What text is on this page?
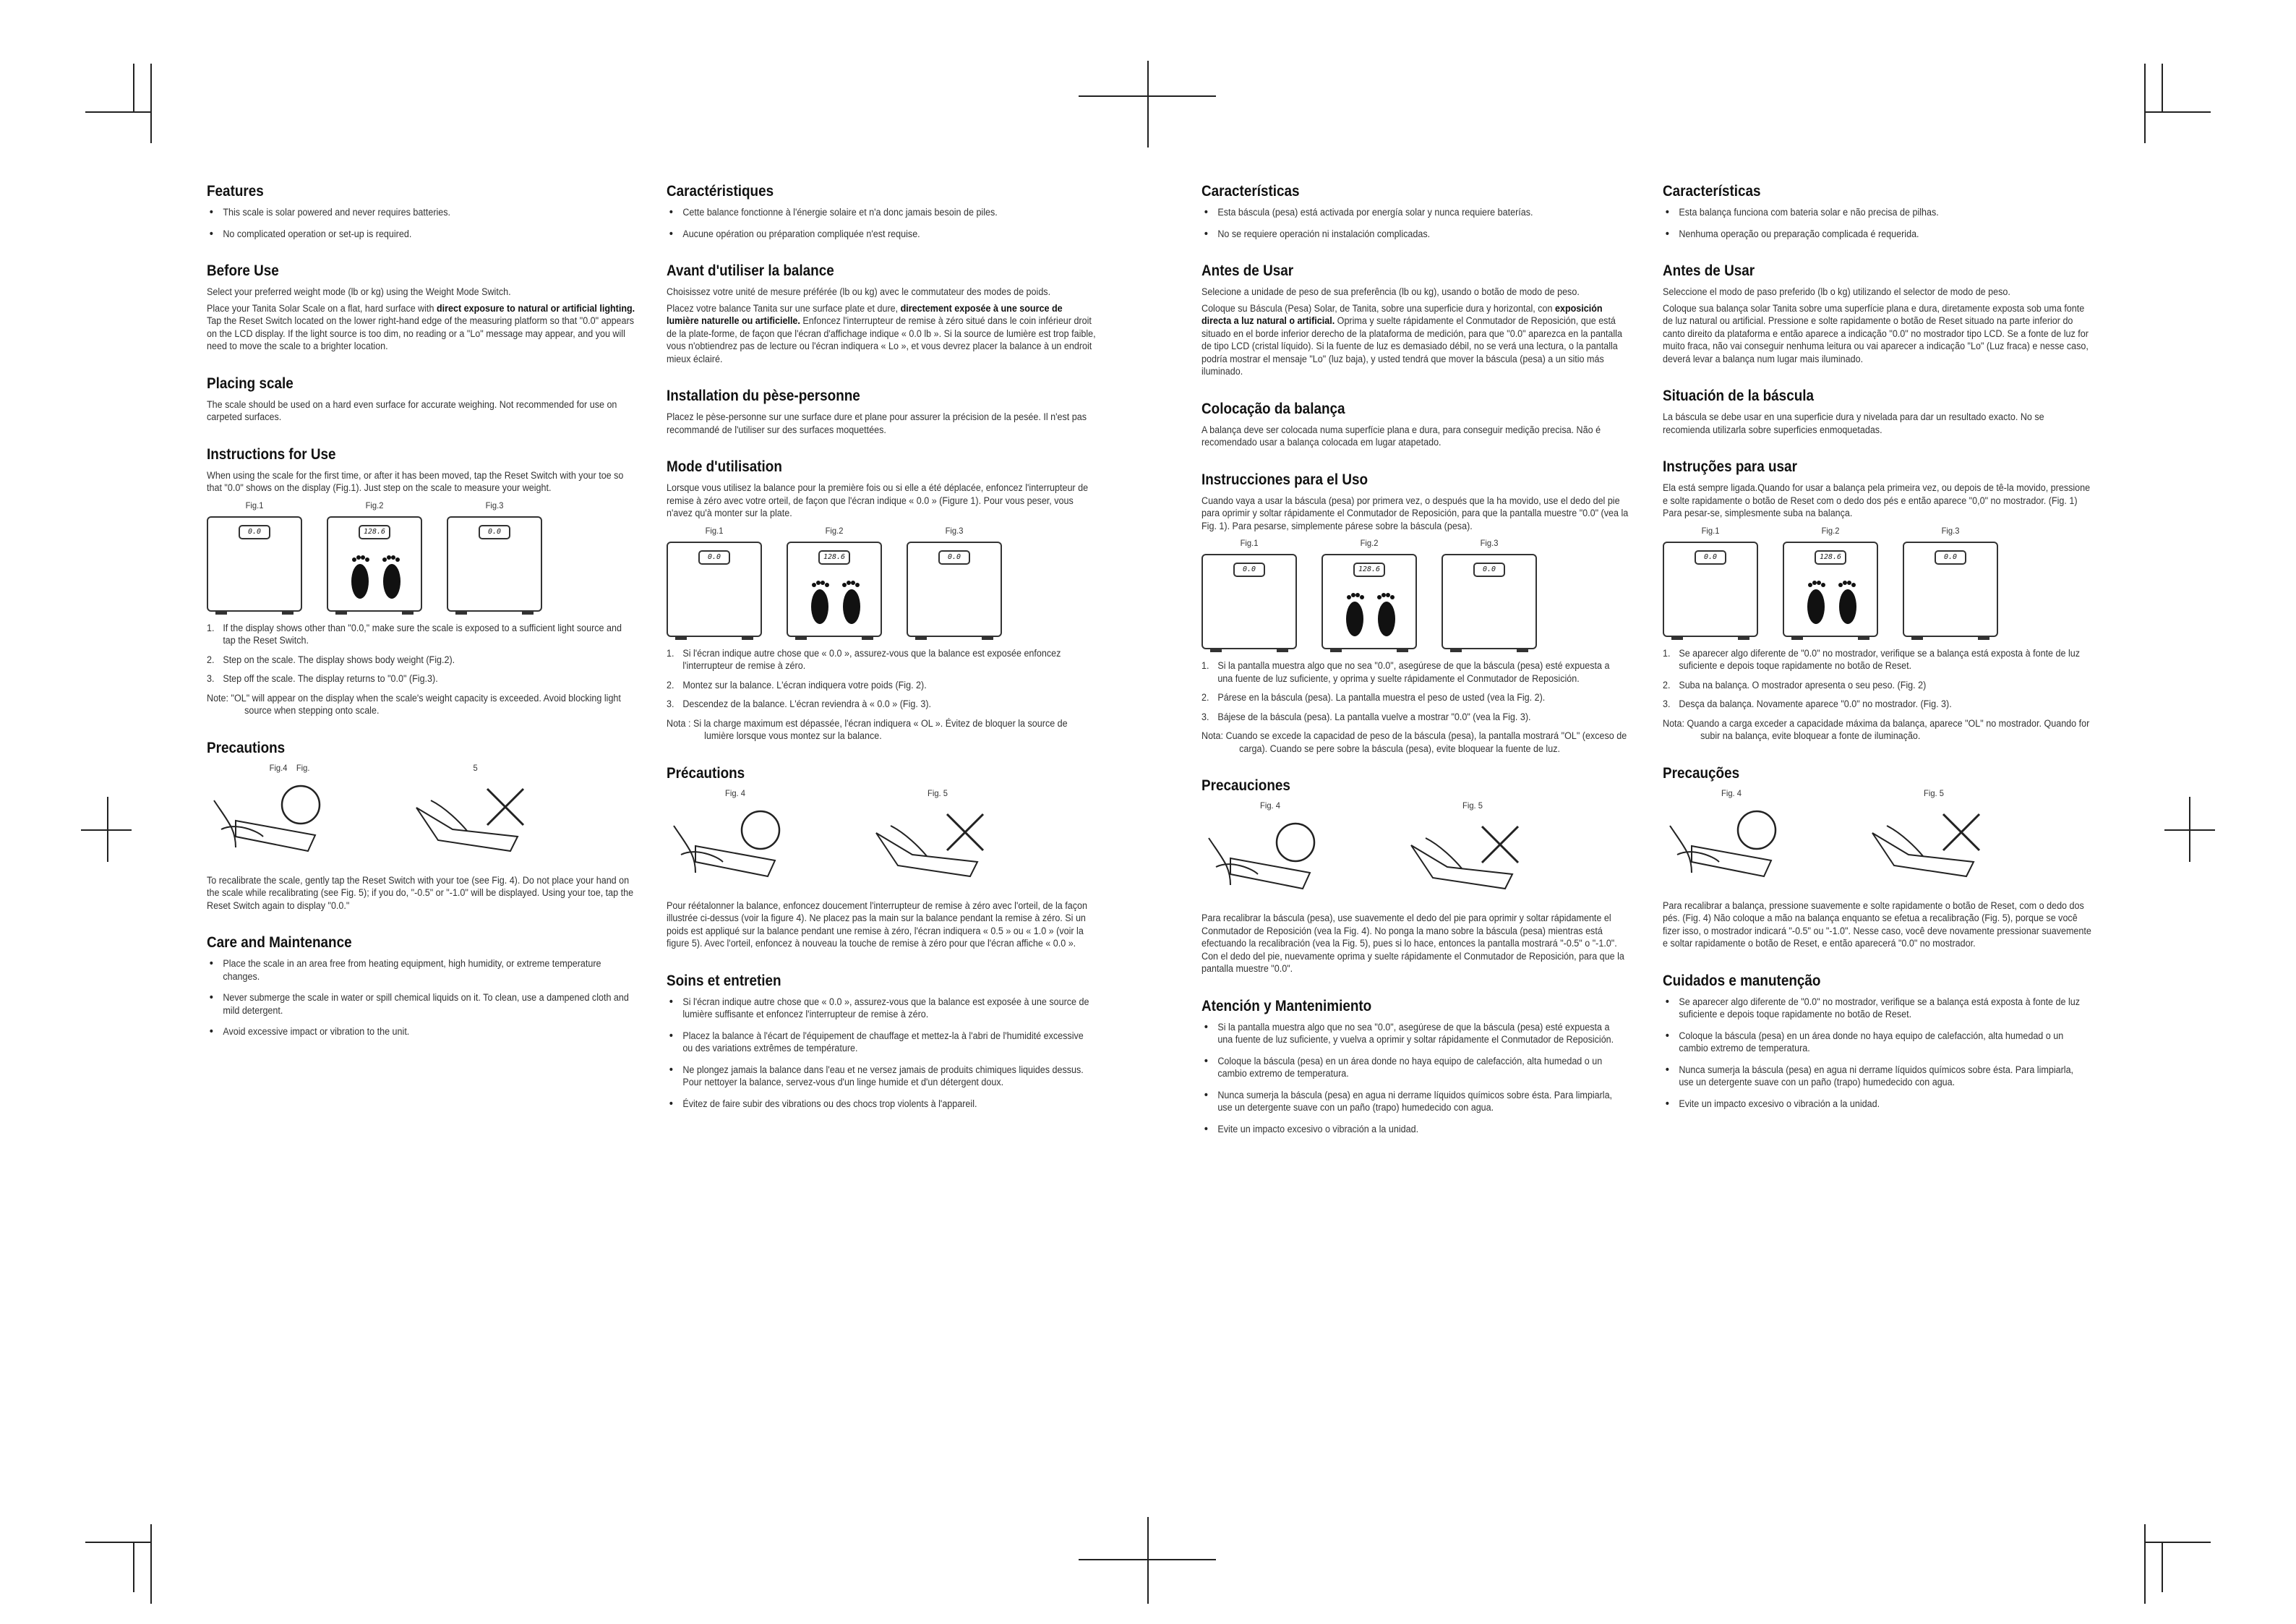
Features
• This scale is solar powered and never requires batteries.
• No complicated operation or set-up is required.
Before Use

Select your preferred weight mode (lb or kg) using the Weight Mode Switch.

Place your Tanita Solar Scale on a flat, hard surface with direct exposure to natural or artificial lighting. Tap the Reset Switch located on the lower right-hand edge of the measuring platform so that "0.0" appears on the LCD display. If the light source is too dim, no reading or a "Lo" message may appear, and you will need to move the scale to a brighter location.

Placing scale

The scale should be used on a hard even surface for accurate weighing. Not recommended for use on carpeted surfaces.

Instructions for Use

When using the scale for the first time, or after it has been moved, tap the Reset Switch with your toe so that "0.0" shows on the display (Fig.1). Just step on the scale to measure your weight.

Fig.1
0.0
Fig.2
128.6
Fig.3
0.0
1. If the display shows other than "0.0," make sure the scale is exposed to a sufficient light source and tap the Reset Switch.
2. Step on the scale. The display shows body weight (Fig.2).
3. Step off the scale. The display returns to "0.0" (Fig.3).

Note: "OL" will appear on the display when the scale's weight capacity is exceeded. Avoid blocking light source when stepping onto scale.

Precautions
Fig.4 Fig.	5

To recalibrate the scale, gently tap the Reset Switch with your toe (see Fig. 4). Do not place your hand on the scale while recalibrating (see Fig. 5); if you do, "-0.5" or "-1.0" will be displayed. Using your toe, tap the Reset Switch again to display "0.0."

Care and Maintenance
• Place the scale in an area free from heating equipment, high humidity, or extreme temperature changes.
• Never submerge the scale in water or spill chemical liquids on it. To clean, use a dampened cloth and mild detergent.
• Avoid excessive impact or vibration to the unit.
Caractéristiques
• Cette balance fonctionne à l'énergie solaire et n'a donc jamais besoin de piles.
• Aucune opération ou préparation compliquée n'est requise.
Avant d'utiliser la balance

Choisissez votre unité de mesure préférée (lb ou kg) avec le commutateur des modes de poids.

Placez votre balance Tanita sur une surface plate et dure, directement exposée à une source de lumière naturelle ou artificielle. Enfoncez l'interrupteur de remise à zéro situé dans le coin inférieur droit de la plate-forme, de façon que l'écran d'affichage indique « 0.0 lb ». Si la source de lumière est trop faible, vous n'obtiendrez pas de lecture ou l'écran indiquera « Lo », et vous devrez placer la balance à un endroit mieux éclairé.

Installation du pèse-personne

Placez le pèse-personne sur une surface dure et plane pour assurer la précision de la pesée. Il n'est pas recommandé de l'utiliser sur des surfaces moquettées.

Mode d'utilisation

Lorsque vous utilisez la balance pour la première fois ou si elle a été déplacée, enfoncez l'interrupteur de remise à zéro avec votre orteil, de façon que l'écran indique « 0.0 » (Figure 1). Pour vous peser, vous n'avez qu'à monter sur la plate.

Fig.1
0.0
Fig.2
128.6
Fig.3
0.0
1. Si l'écran indique autre chose que « 0.0 », assurez-vous que la balance est exposée enfoncez l'interrupteur de remise à zéro.
2. Montez sur la balance. L'écran indiquera votre poids (Fig. 2).
3. Descendez de la balance. L'écran reviendra à « 0.0 » (Fig. 3).

Nota : Si la charge maximum est dépassée, l'écran indiquera « OL ». Évitez de bloquer la source de lumière lorsque vous montez sur la balance.

Précautions
Fig. 4	Fig. 5

Pour réétalonner la balance, enfoncez doucement l'interrupteur de remise à zéro avec l'orteil, de la façon illustrée ci-dessus (voir la figure 4). Ne placez pas la main sur la balance pendant la remise à zéro. Si un poids est appliqué sur la balance pendant une remise à zéro, l'écran indiquera « 0.5 » ou « 1.0 » (voir la figure 5). Avec l'orteil, enfoncez à nouveau la touche de remise à zéro pour que l'écran affiche « 0.0 ».

Soins et entretien
• Si l'écran indique autre chose que « 0.0 », assurez-vous que la balance est exposée à une source de lumière suffisante et enfoncez l'interrupteur de remise à zéro.
• Placez la balance à l'écart de l'équipement de chauffage et mettez-la à l'abri de l'humidité excessive ou des variations extrêmes de température.
• Ne plongez jamais la balance dans l'eau et ne versez jamais de produits chimiques liquides dessus. Pour nettoyer la balance, servez-vous d'un linge humide et d'un détergent doux.
• Évitez de faire subir des vibrations ou des chocs trop violents à l'appareil.
Características
• Esta báscula (pesa) está activada por energía solar y nunca requiere baterías.
• No se requiere operación ni instalación complicadas.
Antes de Usar

Selecione a unidade de peso de sua preferência (lb ou kg), usando o botão de modo de peso.

Coloque su Báscula (Pesa) Solar, de Tanita, sobre una superficie dura y horizontal, con exposición directa a luz natural o artificial. Oprima y suelte rápidamente el Conmutador de Reposición, que está situado en el borde inferior derecho de la plataforma de medición, para que "0.0" aparezca en la pantalla de tipo LCD (cristal líquido). Si la fuente de luz es demasiado débil, no se verá una lectura, o la pantalla podría mostrar el mensaje "Lo" (luz baja), y usted tendrá que mover la báscula (pesa) a un sitio más iluminado.

Colocação da balança

A balança deve ser colocada numa superfície plana e dura, para conseguir medição precisa. Não é recomendado usar a balança colocada em lugar atapetado.

Instrucciones para el Uso

Cuando vaya a usar la báscula (pesa) por primera vez, o después que la ha movido, use el dedo del pie para oprimir y soltar rápidamente el Conmutador de Reposición, para que la pantalla muestre "0.0" (vea la Fig. 1). Para pesarse, simplemente párese sobre la báscula (pesa).

Fig.1
0.0
Fig.2
128.6
Fig.3
0.0
1. Si la pantalla muestra algo que no sea "0.0", asegúrese de que la báscula (pesa) esté expuesta a una fuente de luz suficiente, y oprima y suelte rápidamente el Conmutador de Reposición.
2. Párese en la báscula (pesa). La pantalla muestra el peso de usted (vea la Fig. 2).
3. Bájese de la báscula (pesa). La pantalla vuelve a mostrar "0.0" (vea la Fig. 3).

Nota: Cuando se excede la capacidad de peso de la báscula (pesa), la pantalla mostrará "OL" (exceso de carga). Cuando se pere sobre la báscula (pesa), evite bloquear la fuente de luz.

Precauciones
Fig. 4	Fig. 5

Para recalibrar la báscula (pesa), use suavemente el dedo del pie para oprimir y soltar rápidamente el Conmutador de Reposición (vea la Fig. 4). No ponga la mano sobre la báscula (pesa) mientras está efectuando la recalibración (vea la Fig. 5), pues si lo hace, entonces la pantalla mostrará "-0.5" o "-1.0". Con el dedo del pie, nuevamente oprima y suelte rápidamente el Conmutador de Reposición, para que la pantalla muestre "0.0".

Atención y Mantenimiento
• Si la pantalla muestra algo que no sea "0.0", asegúrese de que la báscula (pesa) esté expuesta a una fuente de luz suficiente, y vuelva a oprimir y soltar rápidamente el Conmutador de Reposición.
• Coloque la báscula (pesa) en un área donde no haya equipo de calefacción, alta humedad o un cambio extremo de temperatura.
• Nunca sumerja la báscula (pesa) en agua ni derrame líquidos químicos sobre ésta. Para limpiarla, use un detergente suave con un paño (trapo) humedecido con agua.
• Evite un impacto excesivo o vibración a la unidad.
Características
• Esta balança funciona com bateria solar e não precisa de pilhas.
• Nenhuma operação ou preparação complicada é requerida.
Antes de Usar

Seleccione el modo de paso preferido (lb o kg) utilizando el selector de modo de peso.

Coloque sua balança solar Tanita sobre uma superfície plana e dura, diretamente exposta sob uma fonte de luz natural ou artificial. Pressione e solte rapidamente o botão de Reset situado na parte inferior do canto direito da plataforma e então aparece a indicação "0.0" no mostrador tipo LCD. Se a fonte de luz for muito fraca, não vai conseguir nenhuma leitura ou vai aparecer a indicação "Lo" (Luz fraca) e nesse caso, deverá levar a balança num lugar mais iluminado.

Situación de la báscula

La báscula se debe usar en una superficie dura y nivelada para dar un resultado exacto. No se recomienda utilizarla sobre superficies enmoquetadas.

Instruções para usar

Ela está sempre ligada.Quando for usar a balança pela primeira vez, ou depois de tê-la movido, pressione e solte rapidamente o botão de Reset com o dedo dos pés e então aparece "0,0" no mostrador. (Fig. 1) Para pesar-se, simplesmente suba na balança.

Fig.1
0.0
Fig.2
128.6
Fig.3
0.0
1. Se aparecer algo diferente de "0.0" no mostrador, verifique se a balança está exposta à fonte de luz suficiente e depois toque rapidamente no botão de Reset.
2. Suba na balança. O mostrador apresenta o seu peso. (Fig. 2)
3. Desça da balança. Novamente aparece "0.0" no mostrador. (Fig. 3).

Nota: Quando a carga exceder a capacidade máxima da balança, aparece "OL" no mostrador. Quando for subir na balança, evite bloquear a fonte de iluminação.

Precauções
Fig. 4	Fig. 5

Para recalibrar a balança, pressione suavemente e solte rapidamente o botão de Reset, com o dedo dos pés. (Fig. 4) Não coloque a mão na balança enquanto se efetua a recalibração (Fig. 5), porque se você fizer isso, o mostrador indicará "-0.5" ou "-1.0". Nesse caso, você deve novamente pressionar suavemente e soltar rapidamente o botão de Reset, e então aparecerá "0.0" no mostrador.

Cuidados e manutenção
• Se aparecer algo diferente de "0.0" no mostrador, verifique se a balança está exposta à fonte de luz suficiente e depois toque rapidamente no botão de Reset.
• Coloque la báscula (pesa) en un área donde no haya equipo de calefacción, alta humedad o un cambio extremo de temperatura.
• Nunca sumerja la báscula (pesa) en agua ni derrame líquidos químicos sobre ésta. Para limpiarla, use un detergente suave con un paño (trapo) humedecido con agua.
• Evite un impacto excesivo o vibración a la unidad.
